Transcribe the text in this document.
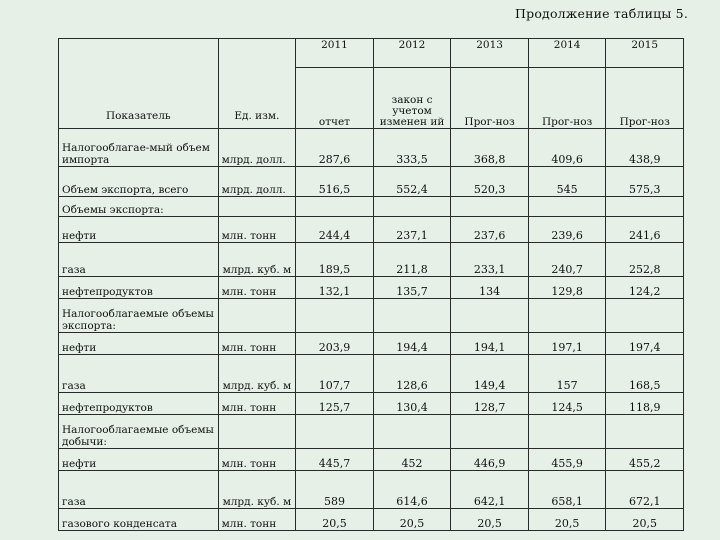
Продолжение таблицы 5.
Показатель	Ед. изм.	2011	2012	2013	2014	2015
		отчет	закон с учетом изменен ий	Прог-ноз	Прог-ноз	Прог-ноз
Налогооблагае-мый объем импорта	млрд. долл.	287,6	333,5	368,8	409,6	438,9
Объем экспорта, всего	млрд. долл.	516,5	552,4	520,3	545	575,3
Объемы экспорта:						
нефти	млн. тонн	244,4	237,1	237,6	239,6	241,6
газа	млрд. куб. м	189,5	211,8	233,1	240,7	252,8
нефтепродуктов	млн. тонн	132,1	135,7	134	129,8	124,2
Налогооблагаемые объемы экспорта:						
нефти	млн. тонн	203,9	194,4	194,1	197,1	197,4
газа	млрд. куб. м	107,7	128,6	149,4	157	168,5
нефтепродуктов	млн. тонн	125,7	130,4	128,7	124,5	118,9
Налогооблагаемые объемы добычи:						
нефти	млн. тонн	445,7	452	446,9	455,9	455,2
газа	млрд. куб. м	589	614,6	642,1	658,1	672,1
газового конденсата	млн. тонн	20,5	20,5	20,5	20,5	20,5
